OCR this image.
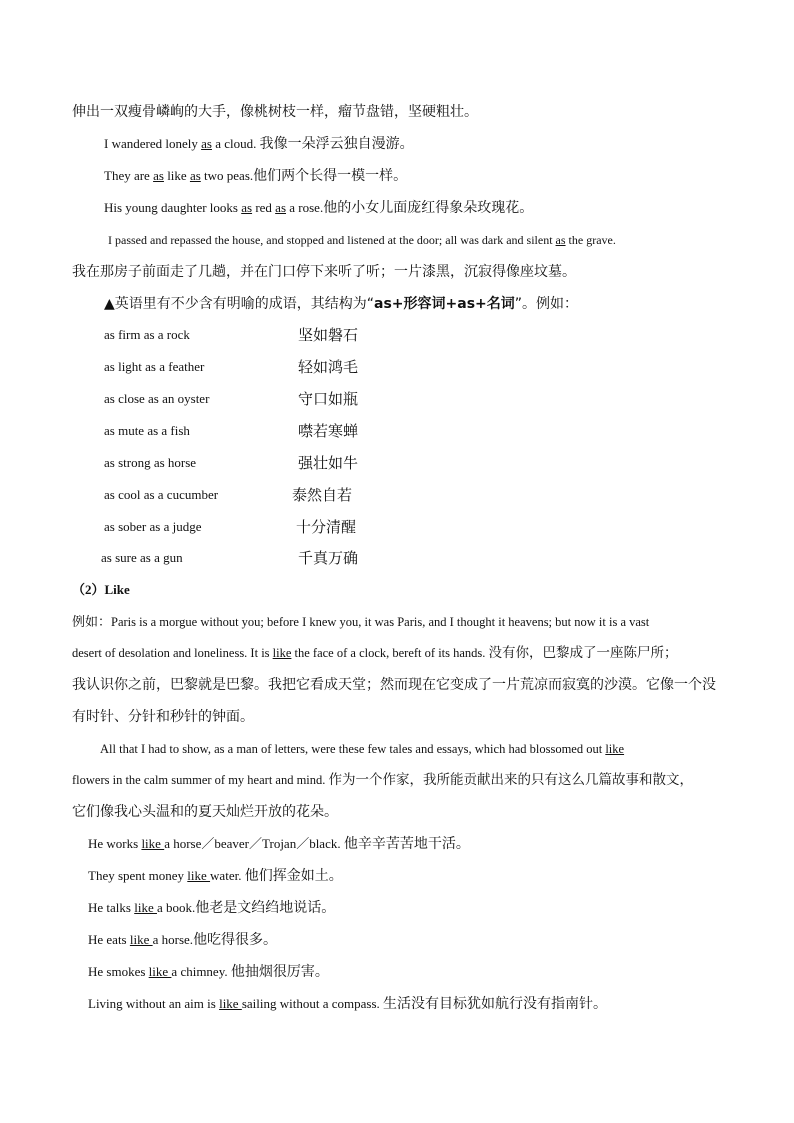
伸出一双瘦骨嶙峋的大手，像桃树枝一样，瘤节盘错，坚硬粗壮。
I wandered lonely as a cloud. 我像一朵浮云独自漫游。
They are as like as two peas.他们两个长得一模一样。
His young daughter looks as red as a rose.他的小女儿面庞红得象朵玫瑰花。
I passed and repassed the house, and stopped and listened at the door; all was dark and silent as the grave.
我在那房子前面走了几趟，并在门口停下来听了听；一片漆黑，沉寂得像座坟墓。
▲英语里有不少含有明喻的成语，其结构为“as+形容词+as+名词”。例如：
as firm as a rock	坚如磐石
as light as a feather	轻如鸿毛
as close as an oyster	守口如瓶
as mute as a fish	噤若寒蝉
as strong as horse	强壮如牛
as cool as a cucumber	泰然自若
as sober as a judge	十分清醒
as sure as a gun	千真万确
（2）Like
例如：Paris is a morgue without you; before I knew you, it was Paris, and I thought it heavens; but now it is a vast
desert of desolation and loneliness. It is like the face of a clock, bereft of its hands. 没有你，巴黎成了一座陈尸所；
我认识你之前，巴黎就是巴黎。我把它看成天堂；然而现在它变成了一片荒凉而寂寞的沙漠。它像一个没
有时针、分针和秒针的钟面。
All that I had to show, as a man of letters, were these few tales and essays, which had blossomed out like
flowers in the calm summer of my heart and mind. 作为一个作家，我所能贡献出来的只有这么几篇故事和散文，
它们像我心头温和的夏天灿烂开放的花朵。
He works like a horse／beaver／Trojan／black. 他辛辛苦苦地干活。
They spent money like water. 他们挥金如土。
He talks like a book.他老是文绉绉地说话。
He eats like a horse.他吃得很多。
He smokes like a chimney. 他抽烟很厉害。
Living without an aim is like sailing without a compass. 生活没有目标犹如航行没有指南针。
